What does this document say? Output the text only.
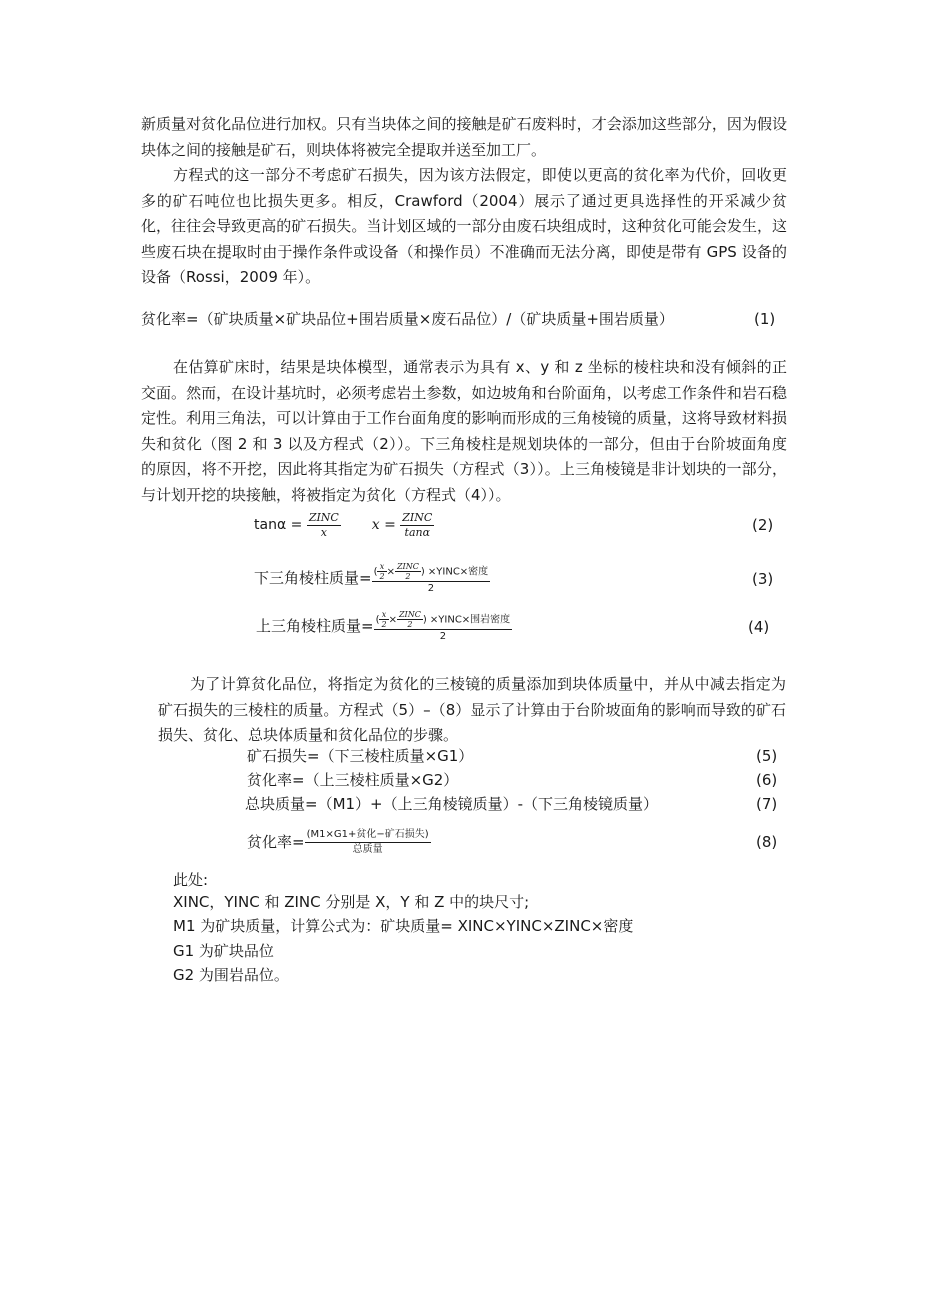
新质量对贫化品位进行加权。只有当块体之间的接触是矿石废料时，才会添加这些部分，因为假设块体之间的接触是矿石，则块体将被完全提取并送至加工厂。

方程式的这一部分不考虑矿石损失，因为该方法假定，即使以更高的贫化率为代价，回收更多的矿石吨位也比损失更多。相反，Crawford（2004）展示了通过更具选择性的开采减少贫化，往往会导致更高的矿石损失。当计划区域的一部分由废石块组成时，这种贫化可能会发生，这些废石块在提取时由于操作条件或设备（和操作员）不准确而无法分离，即使是带有 GPS 设备的设备（Rossi，2009 年）。

贫化率=（矿块质量×矿块品位+围岩质量×废石品位）/（矿块质量+围岩质量）	(1)

在估算矿床时，结果是块体模型，通常表示为具有 x、y 和 z 坐标的棱柱块和没有倾斜的正交面。然而，在设计基坑时，必须考虑岩土参数，如边坡角和台阶面角，以考虑工作条件和岩石稳定性。利用三角法，可以计算由于工作台面角度的影响而形成的三角棱镜的质量，这将导致材料损失和贫化（图 2 和 3 以及方程式（2））。下三角棱柱是规划块体的一部分，但由于台阶坡面角度的原因，将不开挖，因此将其指定为矿石损失（方程式（3））。上三角棱镜是非计划块的一部分，与计划开挖的块接触，将被指定为贫化（方程式（4））。

$\tan\alpha = \frac{\text{ZINC}}{x}$ $x = \frac{\text{ZINC}}{\tan\alpha}$	(2)
下三角棱柱质量= $\frac{( \frac{x}{2} \times \frac{\text{ZINC}}{2} ) \times YINC\times 密度}{2}$	(3)
上三角棱柱质量= $\frac{( \frac{x}{2} \times \frac{\text{ZINC}}{2} ) \times YINC\times 围岩密度}{2}$	(4)

为了计算贫化品位，将指定为贫化的三棱镜的质量添加到块体质量中，并从中减去指定为矿石损失的三棱柱的质量。方程式（5）–（8）显示了计算由于台阶坡面角的影响而导致的矿石损失、贫化、总块体质量和贫化品位的步骤。

矿石损失=（下三棱柱质量×G1）	(5)
贫化率=（上三棱柱质量×G2）	(6)
总块质量=（M1）+（上三角棱镜质量）-（下三角棱镜质量）	(7)
贫化率= $\frac{\text{(M1×G1+贫化−矿石损失)}}{\text{总质量}}$	(8)
此处:
XINC，YINC 和 ZINC 分别是 X，Y 和 Z 中的块尺寸;
M1 为矿块质量，计算公式为：矿块质量= XINC×YINC×ZINC×密度
G1 为矿块品位
G2 为围岩品位。
